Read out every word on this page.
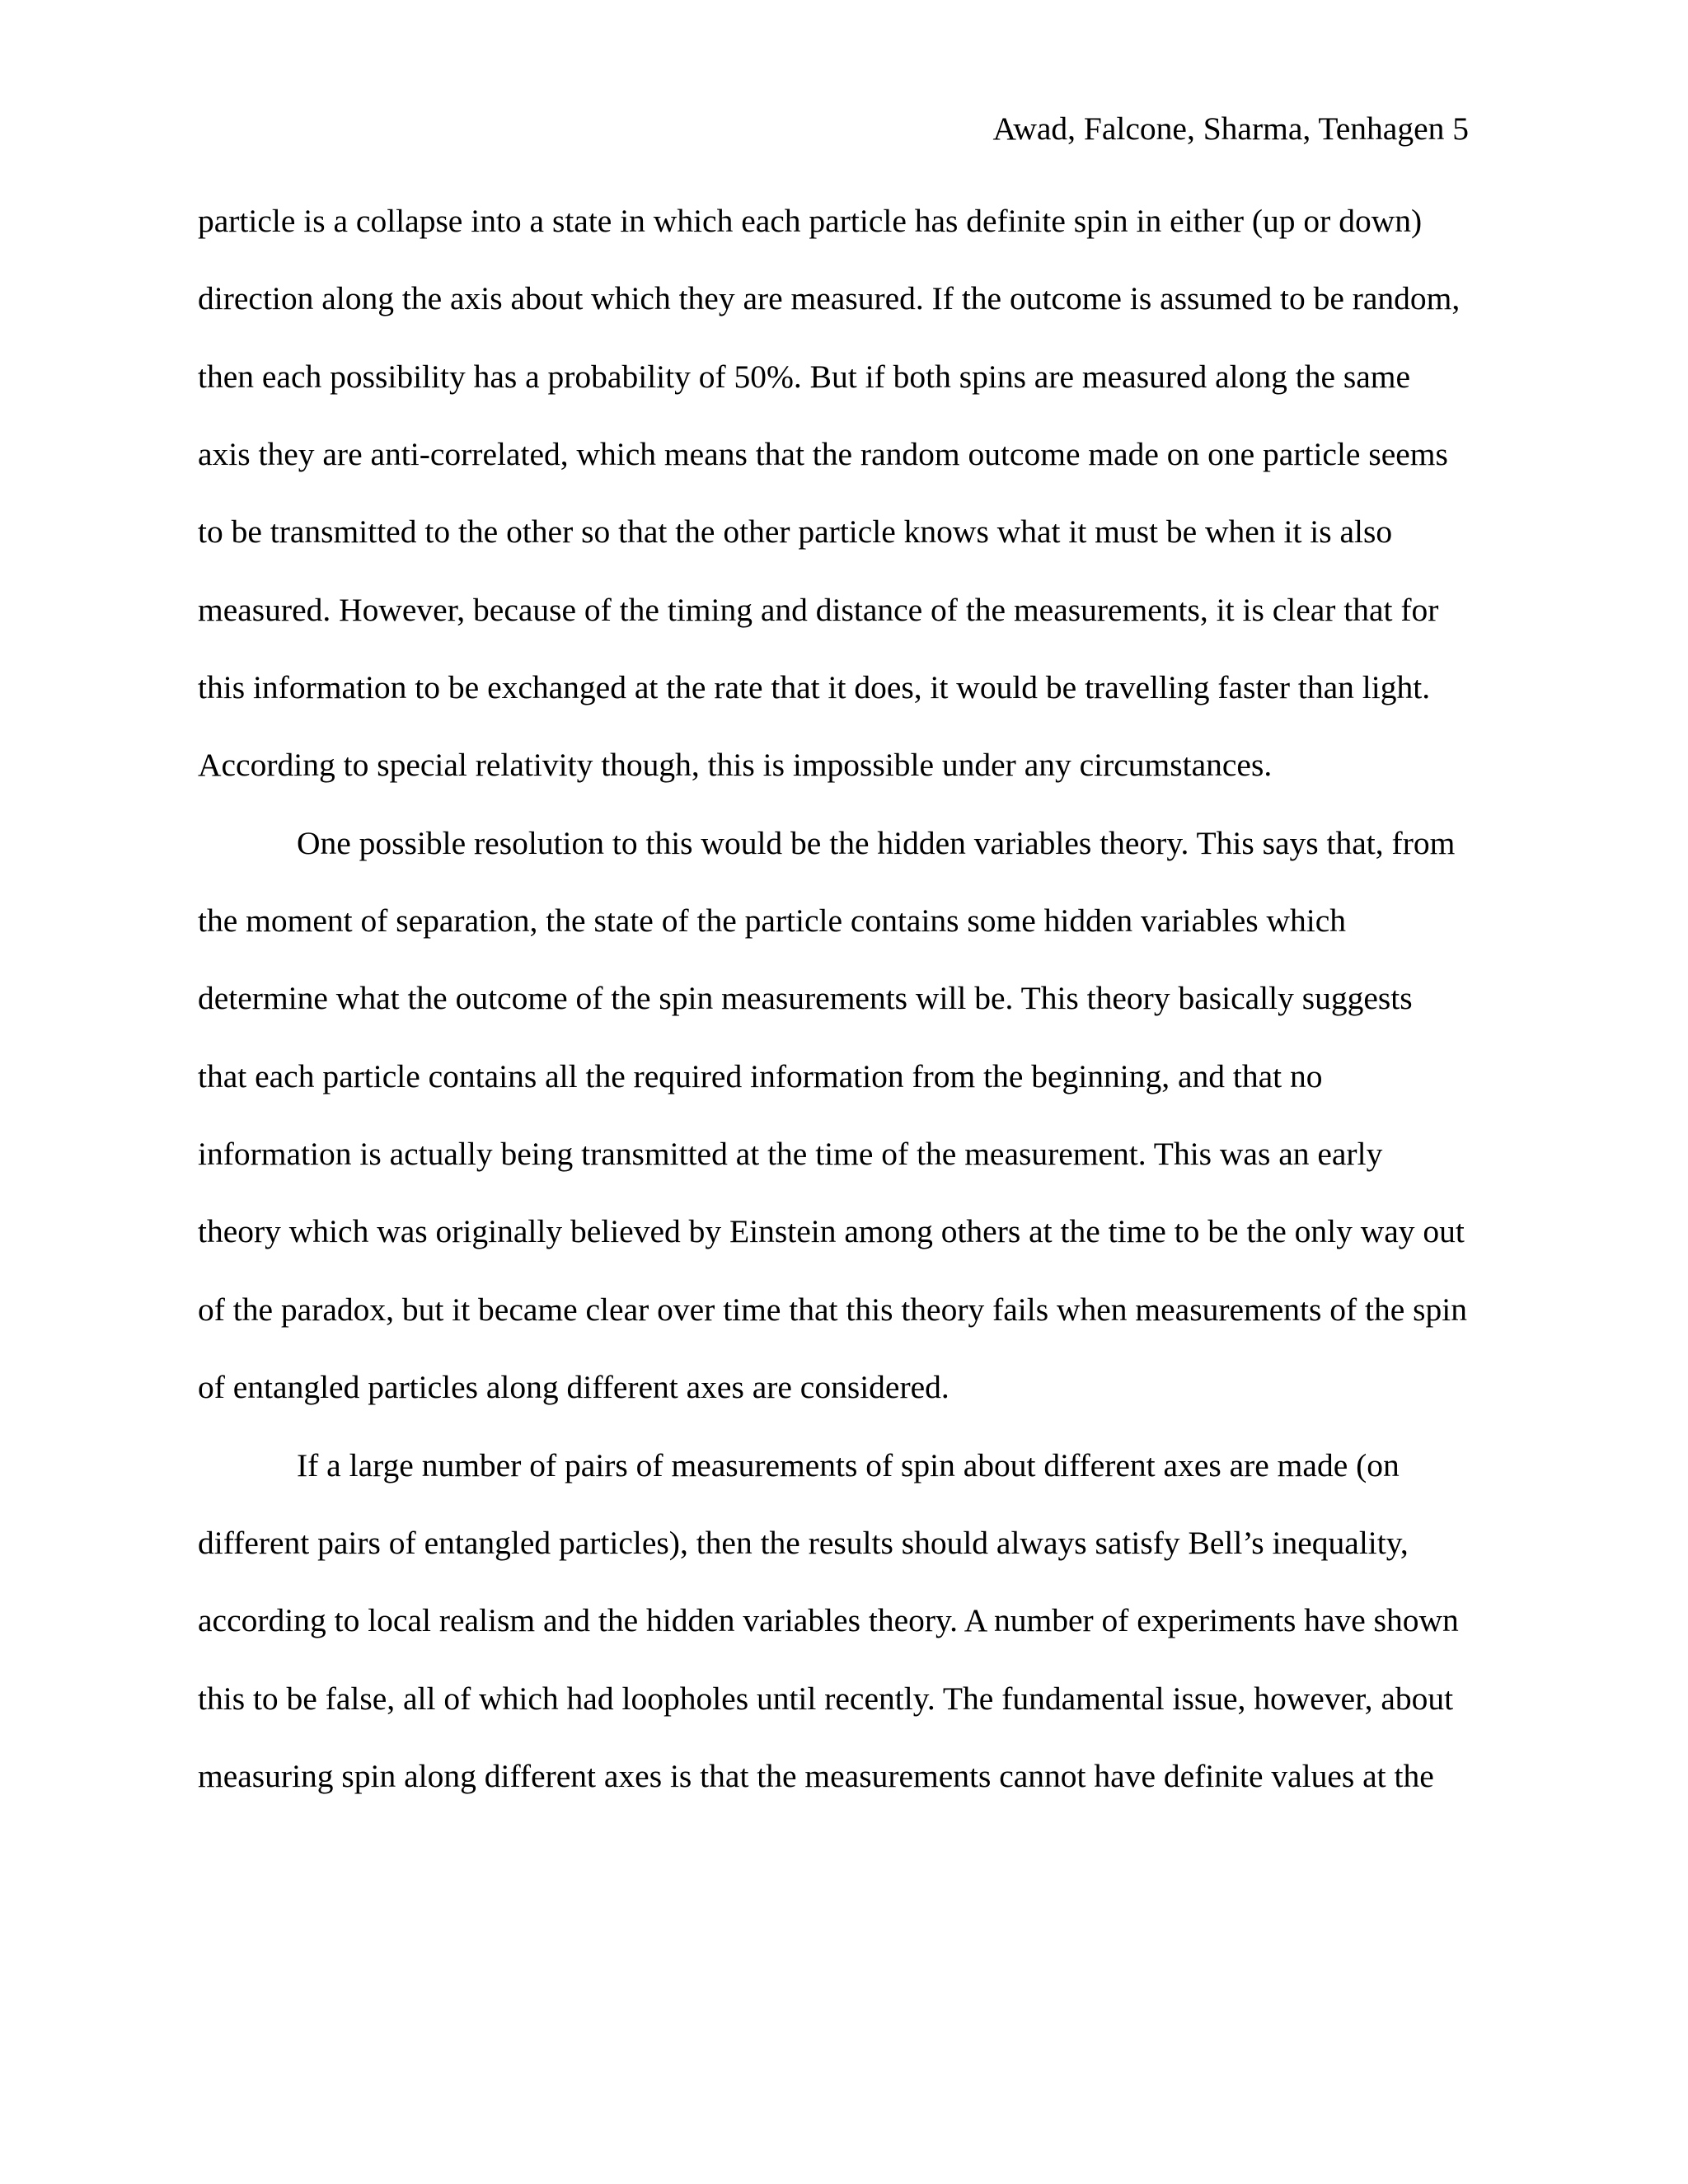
Awad, Falcone, Sharma, Tenhagen 5
particle is a collapse into a state in which each particle has definite spin in either (up or down)
direction along the axis about which they are measured. If the outcome is assumed to be random,
then each possibility has a probability of 50%. But if both spins are measured along the same
axis they are anti-correlated, which means that the random outcome made on one particle seems
to be transmitted to the other so that the other particle knows what it must be when it is also
measured. However, because of the timing and distance of the measurements, it is clear that for
this information to be exchanged at the rate that it does, it would be travelling faster than light.
According to special relativity though, this is impossible under any circumstances.
One possible resolution to this would be the hidden variables theory. This says that, from
the moment of separation, the state of the particle contains some hidden variables which
determine what the outcome of the spin measurements will be. This theory basically suggests
that each particle contains all the required information from the beginning, and that no
information is actually being transmitted at the time of the measurement. This was an early
theory which was originally believed by Einstein among others at the time to be the only way out
of the paradox, but it became clear over time that this theory fails when measurements of the spin
of entangled particles along different axes are considered.
If a large number of pairs of measurements of spin about different axes are made (on
different pairs of entangled particles), then the results should always satisfy Bell’s inequality,
according to local realism and the hidden variables theory. A number of experiments have shown
this to be false, all of which had loopholes until recently. The fundamental issue, however, about
measuring spin along different axes is that the measurements cannot have definite values at the
